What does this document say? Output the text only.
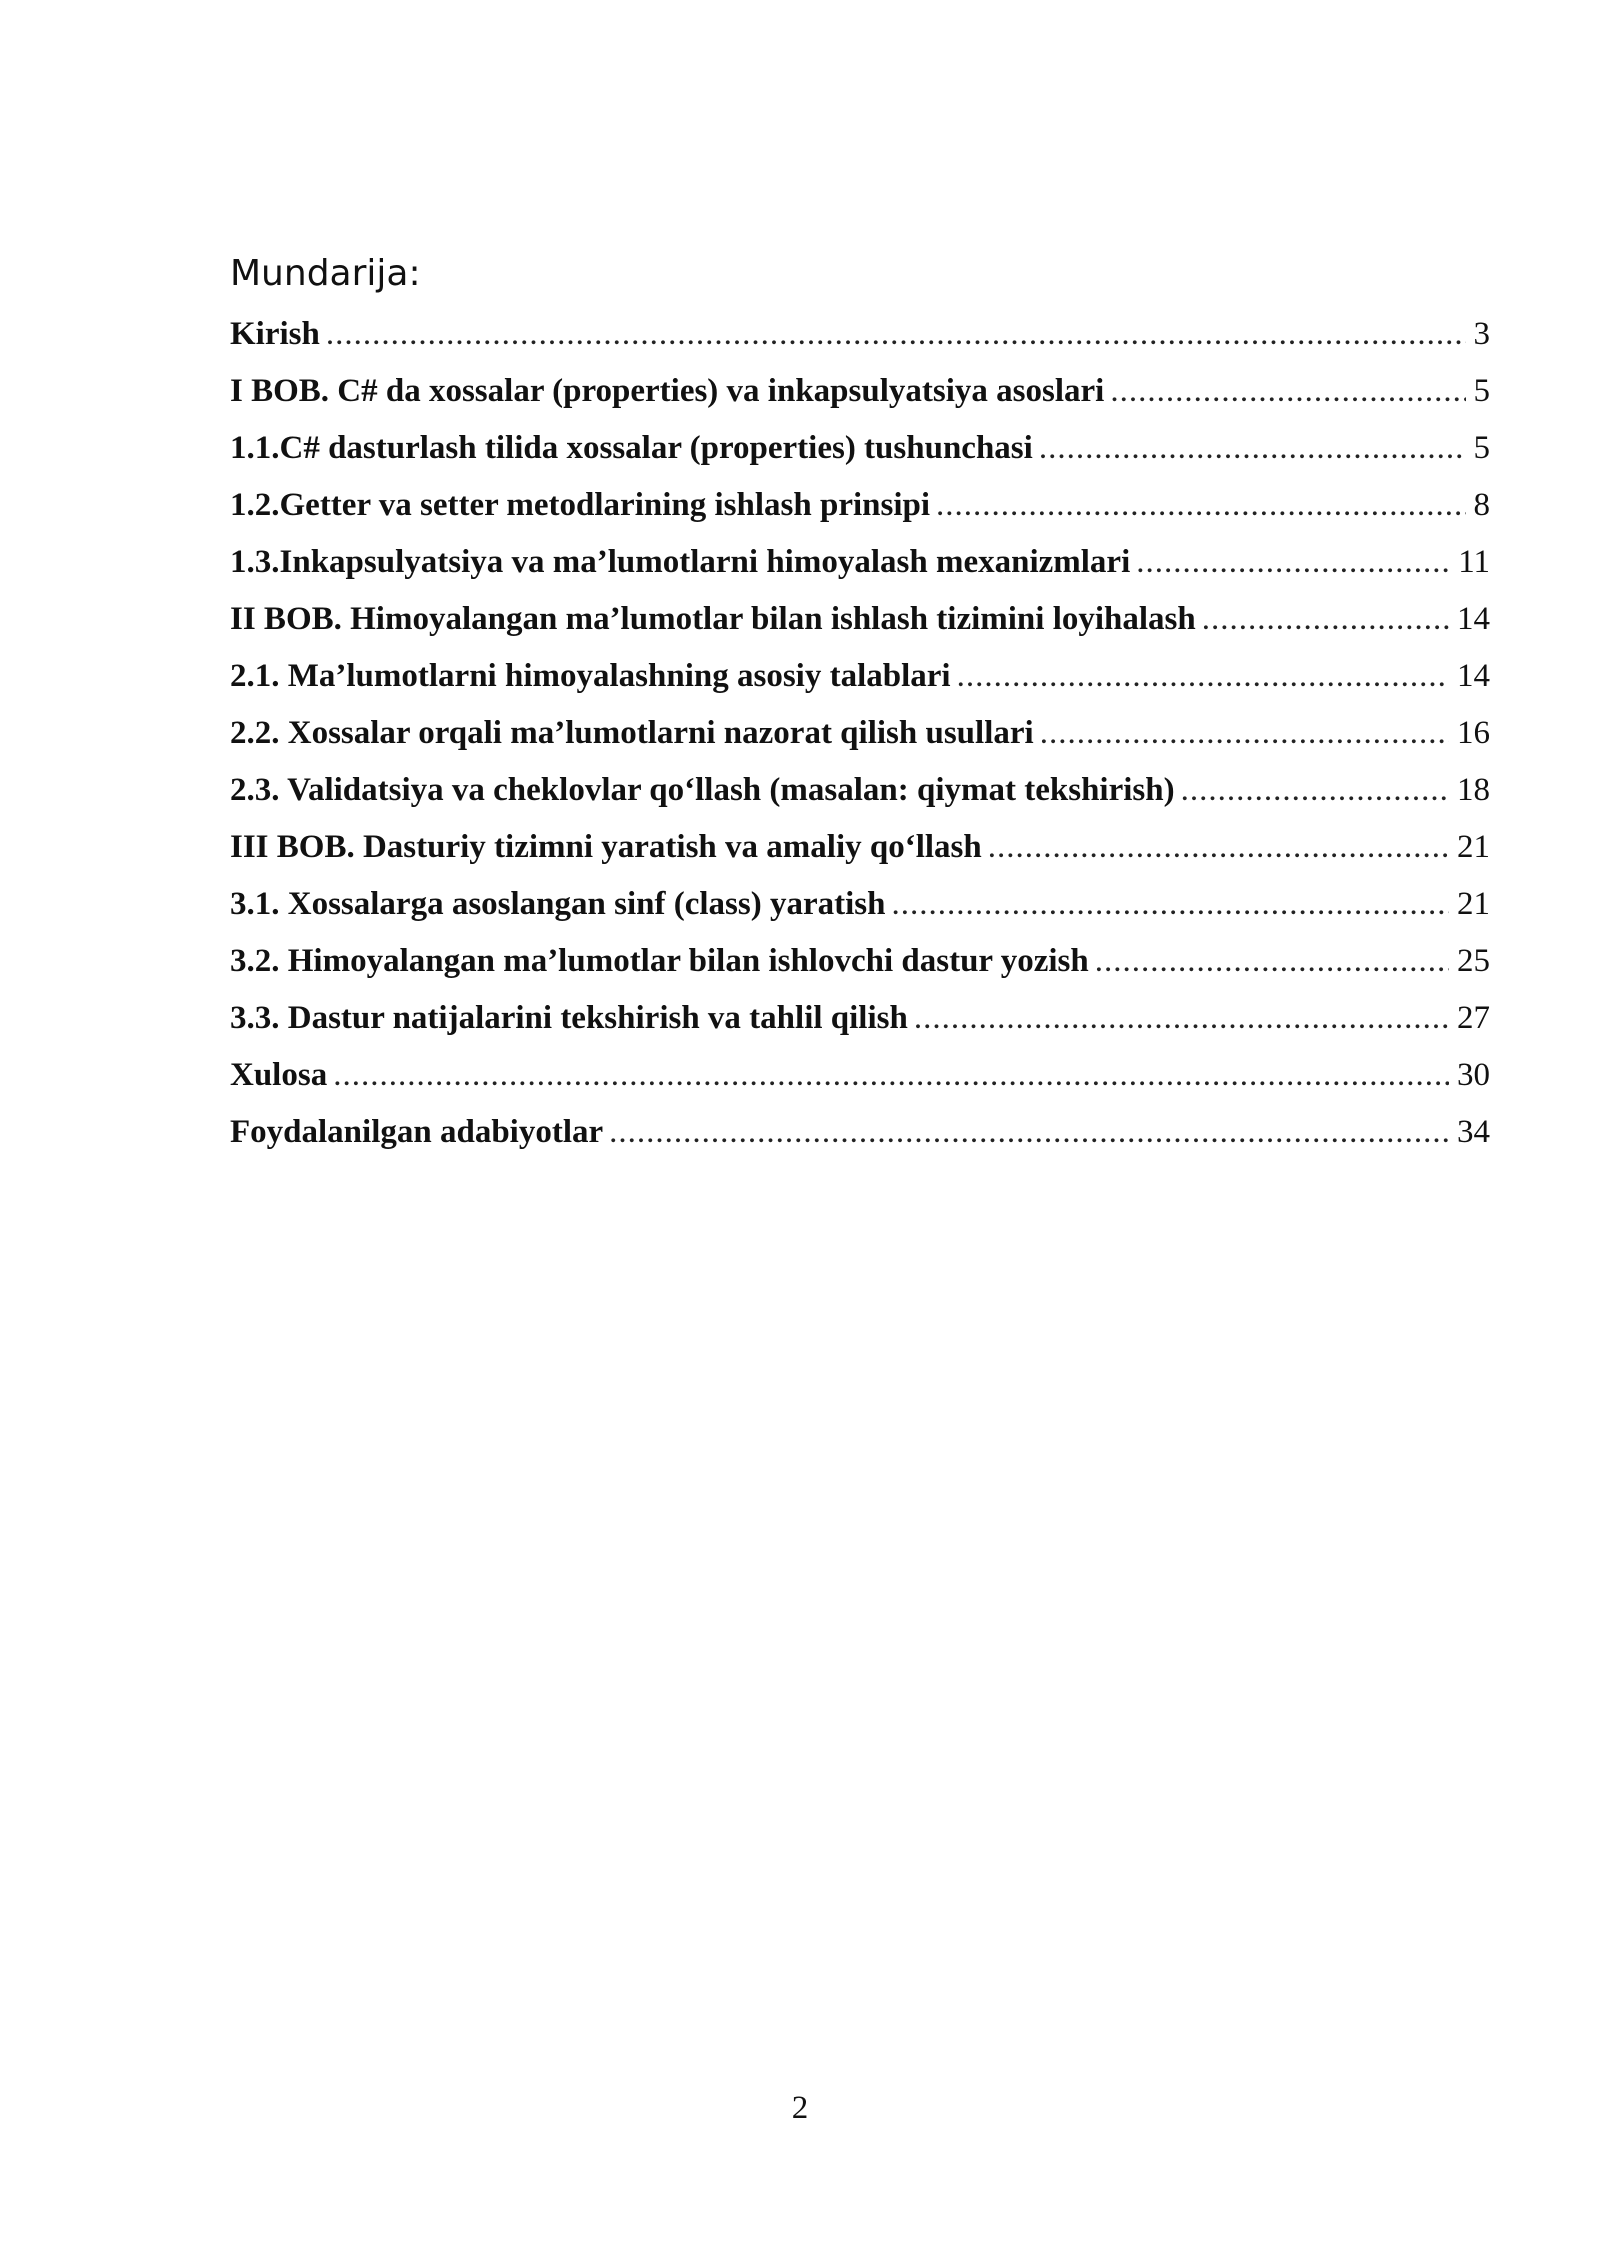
Mundarija:
Kirish .....	3
I BOB. C# da xossalar (properties) va inkapsulyatsiya asoslari .....	5
1.1.C# dasturlash tilida xossalar (properties) tushunchasi .....	5
1.2.Getter va setter metodlarining ishlash prinsipi .....	8
1.3.Inkapsulyatsiya va ma’lumotlarni himoyalash mexanizmlari .....	11
II BOB. Himoyalangan ma’lumotlar bilan ishlash tizimini loyihalash .....	14
2.1. Ma’lumotlarni himoyalashning asosiy talablari .....	14
2.2. Xossalar orqali ma’lumotlarni nazorat qilish usullari .....	16
2.3. Validatsiya va cheklovlar qo‘llash (masalan: qiymat tekshirish) .....	18
III BOB. Dasturiy tizimni yaratish va amaliy qo‘llash .....	21
3.1. Xossalarga asoslangan sinf (class) yaratish .....	21
3.2. Himoyalangan ma’lumotlar bilan ishlovchi dastur yozish .....	25
3.3. Dastur natijalarini tekshirish va tahlil qilish .....	27
Xulosa .....	30
Foydalanilgan adabiyotlar .....	34
2
